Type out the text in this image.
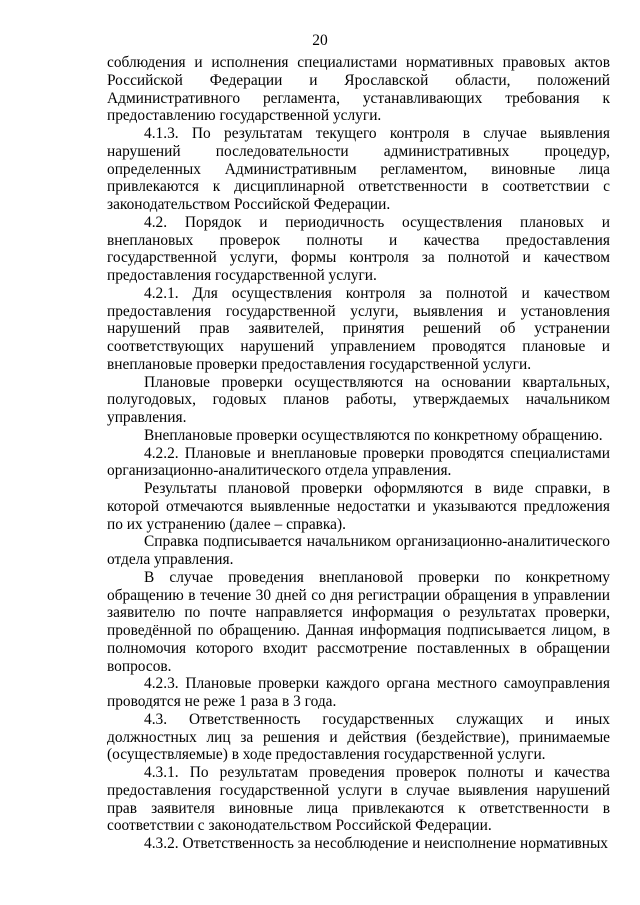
20

соблюдения и исполнения специалистами нормативных правовых актов Российской Федерации и Ярославской области, положений Административного регламента, устанавливающих требования к предоставлению государственной услуги.

4.1.3. По результатам текущего контроля в случае выявления нарушений последовательности административных процедур, определенных Административным регламентом, виновные лица привлекаются к дисциплинарной ответственности в соответствии с законодательством Российской Федерации.

4.2. Порядок и периодичность осуществления плановых и внеплановых проверок полноты и качества предоставления государственной услуги, формы контроля за полнотой и качеством предоставления государственной услуги.

4.2.1. Для осуществления контроля за полнотой и качеством предоставления государственной услуги, выявления и установления нарушений прав заявителей, принятия решений об устранении соответствующих нарушений управлением проводятся плановые и внеплановые проверки предоставления государственной услуги.

Плановые проверки осуществляются на основании квартальных, полугодовых, годовых планов работы, утверждаемых начальником управления.

Внеплановые проверки осуществляются по конкретному обращению.

4.2.2. Плановые и внеплановые проверки проводятся специалистами организационно-аналитического отдела управления.

Результаты плановой проверки оформляются в виде справки, в которой отмечаются выявленные недостатки и указываются предложения по их устранению (далее – справка).

Справка подписывается начальником организационно-аналитического отдела управления.

В случае проведения внеплановой проверки по конкретному обращению в течение 30 дней со дня регистрации обращения в управлении заявителю по почте направляется информация о результатах проверки, проведённой по обращению. Данная информация подписывается лицом, в полномочия которого входит рассмотрение поставленных в обращении вопросов.

4.2.3. Плановые проверки каждого органа местного самоуправления проводятся не реже 1 раза в 3 года.

4.3. Ответственность государственных служащих и иных должностных лиц за решения и действия (бездействие), принимаемые (осуществляемые) в ходе предоставления государственной услуги.

4.3.1. По результатам проведения проверок полноты и качества предоставления государственной услуги в случае выявления нарушений прав заявителя виновные лица привлекаются к ответственности в соответствии с законодательством Российской Федерации.

4.3.2. Ответственность за несоблюдение и неисполнение нормативных
